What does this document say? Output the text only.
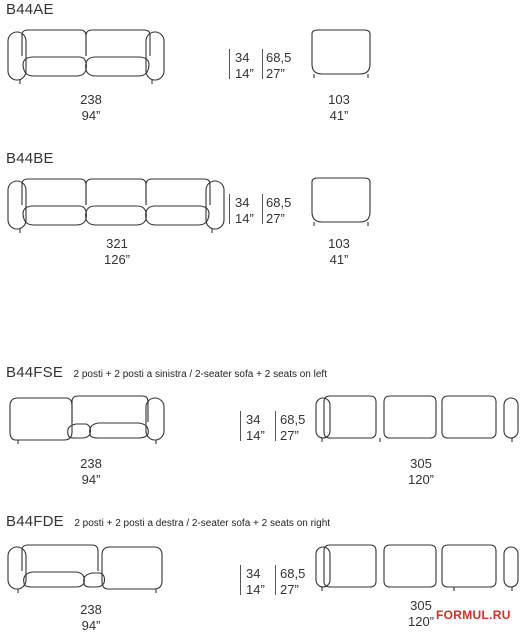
B44AE
238
94”
34
14”
68,5
27”
103
41”
B44BE
321
126”
34
14”
68,5
27”
103
41”
B44FSE 2 posti + 2 posti a sinistra / 2-seater sofa + 2 seats on left
238
94”
34
14”
68,5
27”
305
120”
B44FDE 2 posti + 2 posti a destra / 2-seater sofa + 2 seats on right
238
94”
34
14”
68,5
27”
305
120” FORMUL.RU
